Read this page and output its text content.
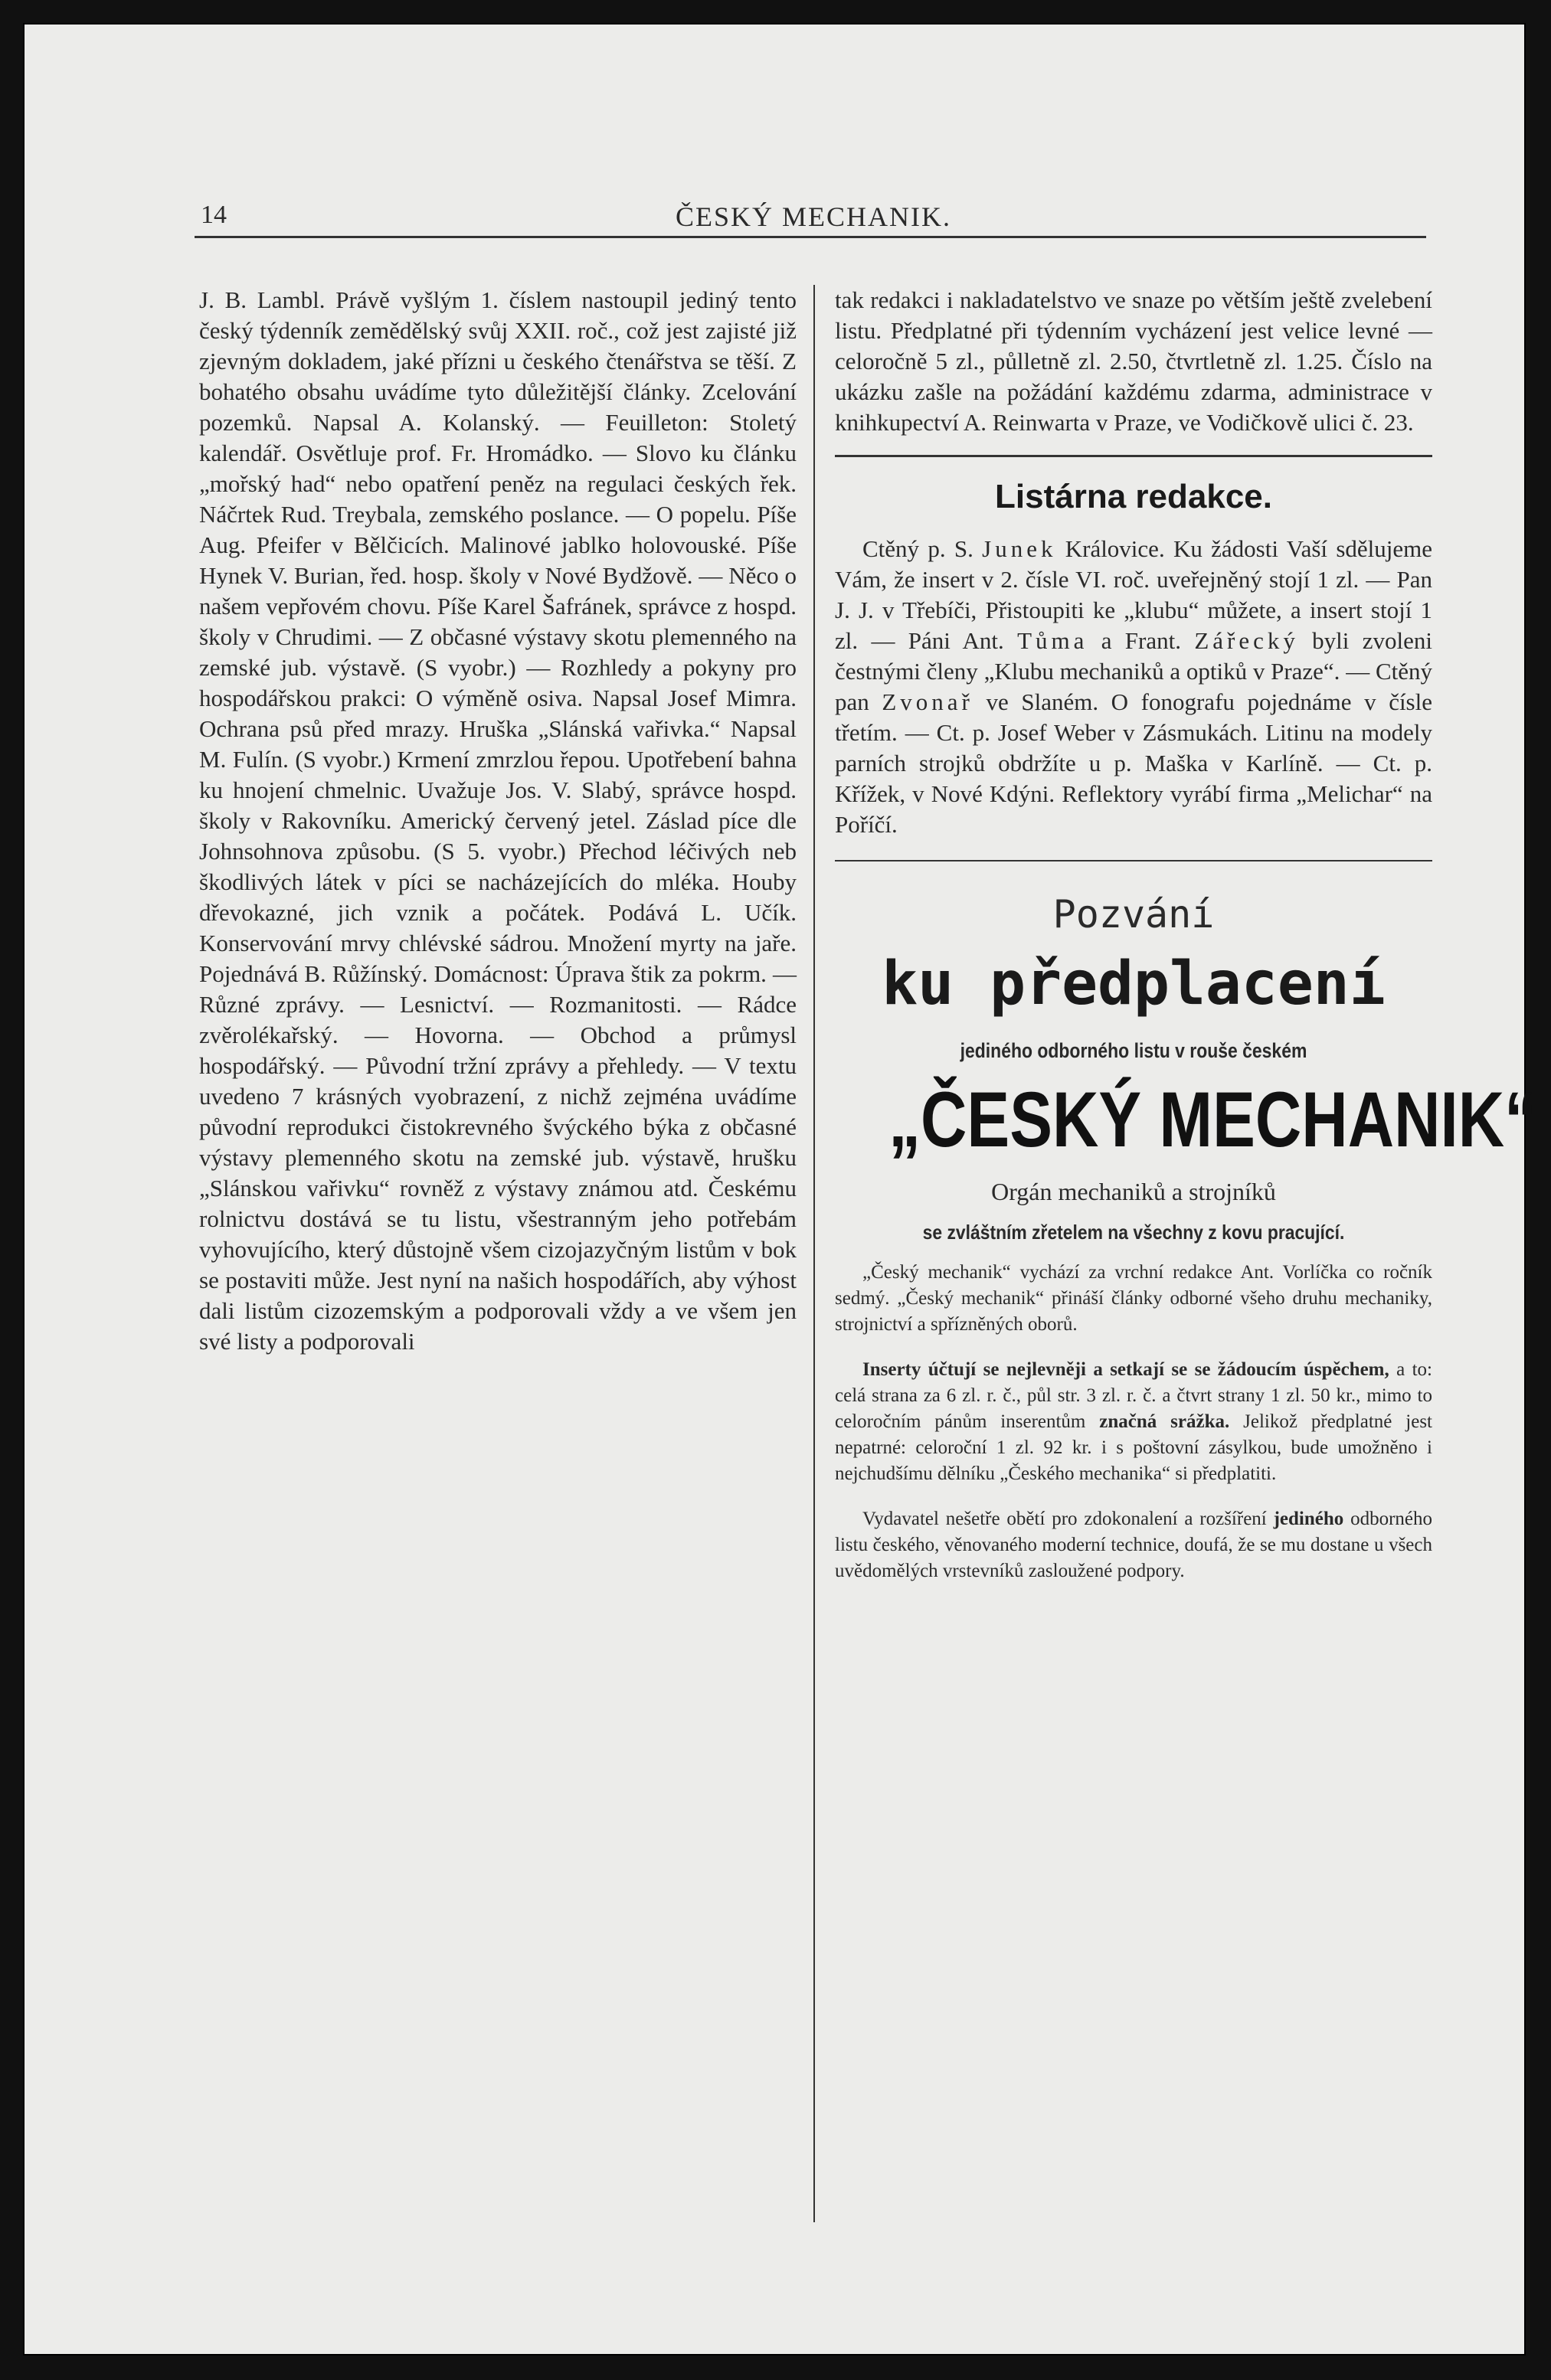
14	ČESKÝ MECHANIK.

J. B. Lambl. Právě vyšlým 1. číslem nastoupil jediný tento český týdenník zemědělský svůj XXII. roč., což jest zajisté již zjevným dokladem, jaké přízni u českého čtenářstva se těší. Z bohatého obsahu uvádíme tyto důležitější články. Zcelování pozemků. Napsal A. Kolanský. — Feuilleton: Stoletý kalendář. Osvětluje prof. Fr. Hromádko. — Slovo ku článku „mořský had“ nebo opatření peněz na regulaci českých řek. Náčrtek Rud. Treybala, zemského poslance. — O popelu. Píše Aug. Pfeifer v Bělčicích. Malinové jablko holovouské. Píše Hynek V. Burian, řed. hosp. školy v Nové Bydžově. — Něco o našem vepřovém chovu. Píše Karel Šafránek, správce z hospd. školy v Chrudimi. — Z občasné výstavy skotu plemenného na zemské jub. výstavě. (S vyobr.) — Rozhledy a pokyny pro hospodářskou prakci: O výměně osiva. Napsal Josef Mimra. Ochrana psů před mrazy. Hruška „Slánská vařivka.“ Napsal M. Fulín. (S vyobr.) Krmení zmrzlou řepou. Upotřebení bahna ku hnojení chmelnic. Uvažuje Jos. V. Slabý, správce hospd. školy v Rakovníku. Americký červený jetel. Záslad píce dle Johnsohnova způsobu. (S 5. vyobr.) Přechod léčivých neb škodlivých látek v píci se nacházejících do mléka. Houby dřevokazné, jich vznik a počátek. Podává L. Učík. Konservování mrvy chlévské sádrou. Množení myrty na jaře. Pojednává B. Růžínský. Domácnost: Úprava štik za pokrm. — Různé zprávy. — Lesnictví. — Rozmanitosti. — Rádce zvěrolékařský. — Hovorna. — Obchod a průmysl hospodářský. — Původní tržní zprávy a přehledy. — V textu uvedeno 7 krásných vyobrazení, z nichž zejména uvádíme původní reprodukci čistokrevného švýckého býka z občasné výstavy plemenného skotu na zemské jub. výstavě, hrušku „Slánskou vařivku“ rovněž z výstavy známou atd. Českému rolnictvu dostává se tu listu, všestranným jeho potřebám vyhovujícího, který důstojně všem cizojazyčným listům v bok se postaviti může. Jest nyní na našich hospodářích, aby výhost dali listům cizozemským a podporovali vždy a ve všem jen své listy a podporovali

tak redakci i nakladatelstvo ve snaze po větším ještě zvelebení listu. Předplatné při týdenním vycházení jest velice levné — celoročně 5 zl., půlletně zl. 2.50, čtvrtletně zl. 1.25. Číslo na ukázku zašle na požádání každému zdarma, administrace v knihkupectví A. Reinwarta v Praze, ve Vodičkově ulici č. 23.

Listárna redakce.

Ctěný p. S. Junek Královice. Ku žádosti Vaší sdělujeme Vám, že insert v 2. čísle VI. roč. uveřejněný stojí 1 zl. — Pan J. J. v Třebíči, Přistoupiti ke „klubu“ můžete, a insert stojí 1 zl. — Páni Ant. Tůma a Frant. Zářecký byli zvoleni čestnými členy „Klubu mechaniků a optiků v Praze“. — Ctěný pan Zvonař ve Slaném. O fonografu pojednáme v čísle třetím. — Ct. p. Josef Weber v Zásmukách. Litinu na modely parních strojků obdržíte u p. Maška v Karlíně. — Ct. p. Křížek, v Nové Kdýni. Reflektory vyrábí firma „Melichar“ na Poříčí.

Pozvání
ku předplacení
jediného odborného listu v rouše českém
„ČESKÝ MECHANIK“
Orgán mechaniků a strojníků
se zvláštním zřetelem na všechny z kovu pracující.

„Český mechanik“ vychází za vrchní redakce Ant. Vorlíčka co ročník sedmý. „Český mechanik“ přináší články odborné všeho druhu mechaniky, strojnictví a spřízněných oborů.

Inserty účtují se nejlevněji a setkají se se žádoucím úspěchem, a to: celá strana za 6 zl. r. č., půl str. 3 zl. r. č. a čtvrt strany 1 zl. 50 kr., mimo to celoročním pánům inserentům značná srážka. Jelikož předplatné jest nepatrné: celoroční 1 zl. 92 kr. i s poštovní zásylkou, bude umožněno i nejchudšímu dělníku „Českého mechanika“ si předplatiti.

Vydavatel nešetře obětí pro zdokonalení a rozšíření jediného odborného listu českého, věnovaného moderní technice, doufá, že se mu dostane u všech uvědomělých vrstevníků zasloužené podpory.
